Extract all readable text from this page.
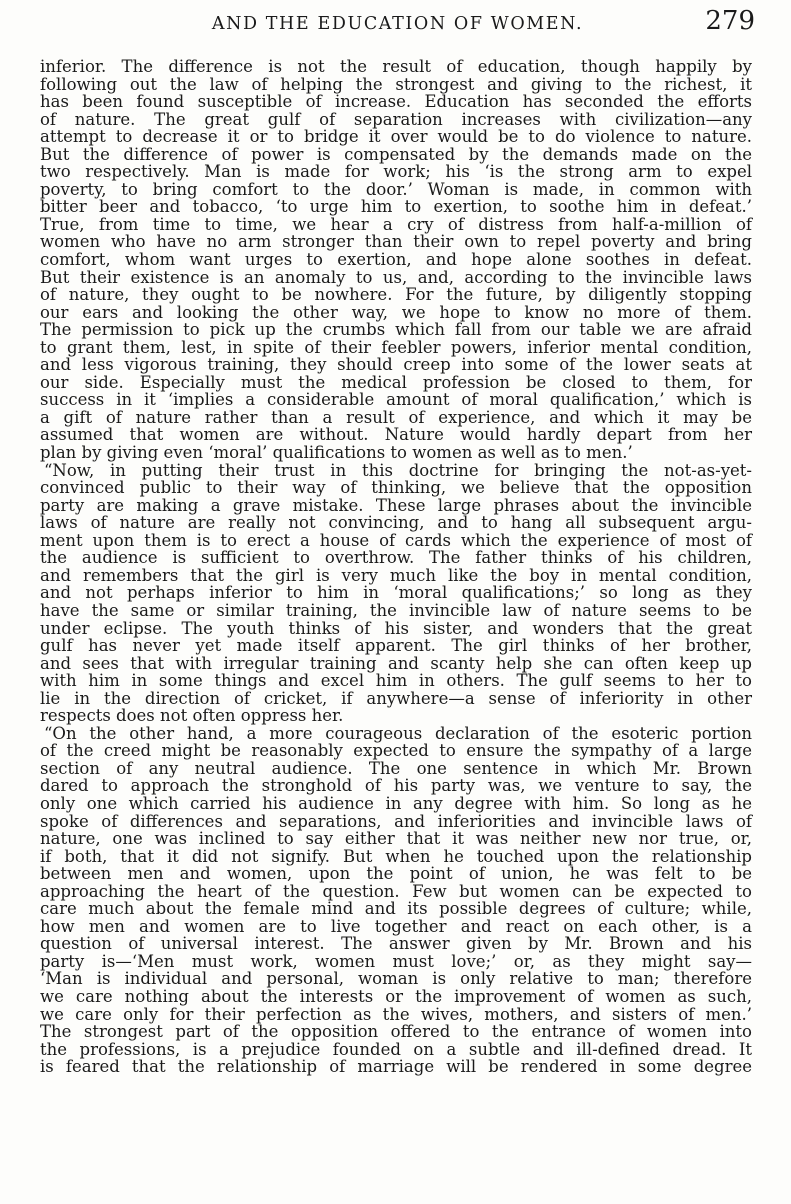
AND THE EDUCATION OF WOMEN.	279
inferior. The difference is not the result of education, though happily by
following out the law of helping the strongest and giving to the richest, it
has been found susceptible of increase. Education has seconded the efforts
of nature. The great gulf of separation increases with civilization—any
attempt to decrease it or to bridge it over would be to do violence to nature.
But the difference of power is compensated by the demands made on the
two respectively. Man is made for work; his ‘is the strong arm to expel
poverty, to bring comfort to the door.’ Woman is made, in common with
bitter beer and tobacco, ‘to urge him to exertion, to soothe him in defeat.’
True, from time to time, we hear a cry of distress from half-a-million of
women who have no arm stronger than their own to repel poverty and bring
comfort, whom want urges to exertion, and hope alone soothes in defeat.
But their existence is an anomaly to us, and, according to the invincible laws
of nature, they ought to be nowhere. For the future, by diligently stopping
our ears and looking the other way, we hope to know no more of them.
The permission to pick up the crumbs which fall from our table we are afraid
to grant them, lest, in spite of their feebler powers, inferior mental condition,
and less vigorous training, they should creep into some of the lower seats at
our side. Especially must the medical profession be closed to them, for
success in it ‘implies a considerable amount of moral qualification,’ which is
a gift of nature rather than a result of experience, and which it may be
assumed that women are without. Nature would hardly depart from her
plan by giving even ‘moral’ qualifications to women as well as to men.’
“Now, in putting their trust in this doctrine for bringing the not-as-yet-
convinced public to their way of thinking, we believe that the opposition
party are making a grave mistake. These large phrases about the invincible
laws of nature are really not convincing, and to hang all subsequent argu-
ment upon them is to erect a house of cards which the experience of most of
the audience is sufficient to overthrow. The father thinks of his children,
and remembers that the girl is very much like the boy in mental condition,
and not perhaps inferior to him in ‘moral qualifications;’ so long as they
have the same or similar training, the invincible law of nature seems to be
under eclipse. The youth thinks of his sister, and wonders that the great
gulf has never yet made itself apparent. The girl thinks of her brother,
and sees that with irregular training and scanty help she can often keep up
with him in some things and excel him in others. The gulf seems to her to
lie in the direction of cricket, if anywhere—a sense of inferiority in other
respects does not often oppress her.
“On the other hand, a more courageous declaration of the esoteric portion
of the creed might be reasonably expected to ensure the sympathy of a large
section of any neutral audience. The one sentence in which Mr. Brown
dared to approach the stronghold of his party was, we venture to say, the
only one which carried his audience in any degree with him. So long as he
spoke of differences and separations, and inferiorities and invincible laws of
nature, one was inclined to say either that it was neither new nor true, or,
if both, that it did not signify. But when he touched upon the relationship
between men and women, upon the point of union, he was felt to be
approaching the heart of the question. Few but women can be expected to
care much about the female mind and its possible degrees of culture; while,
how men and women are to live together and react on each other, is a
question of universal interest. The answer given by Mr. Brown and his
party is—‘Men must work, women must love;’ or, as they might say—
‘Man is individual and personal, woman is only relative to man; therefore
we care nothing about the interests or the improvement of women as such,
we care only for their perfection as the wives, mothers, and sisters of men.’
The strongest part of the opposition offered to the entrance of women into
the professions, is a prejudice founded on a subtle and ill-defined dread. It
is feared that the relationship of marriage will be rendered in some degree
